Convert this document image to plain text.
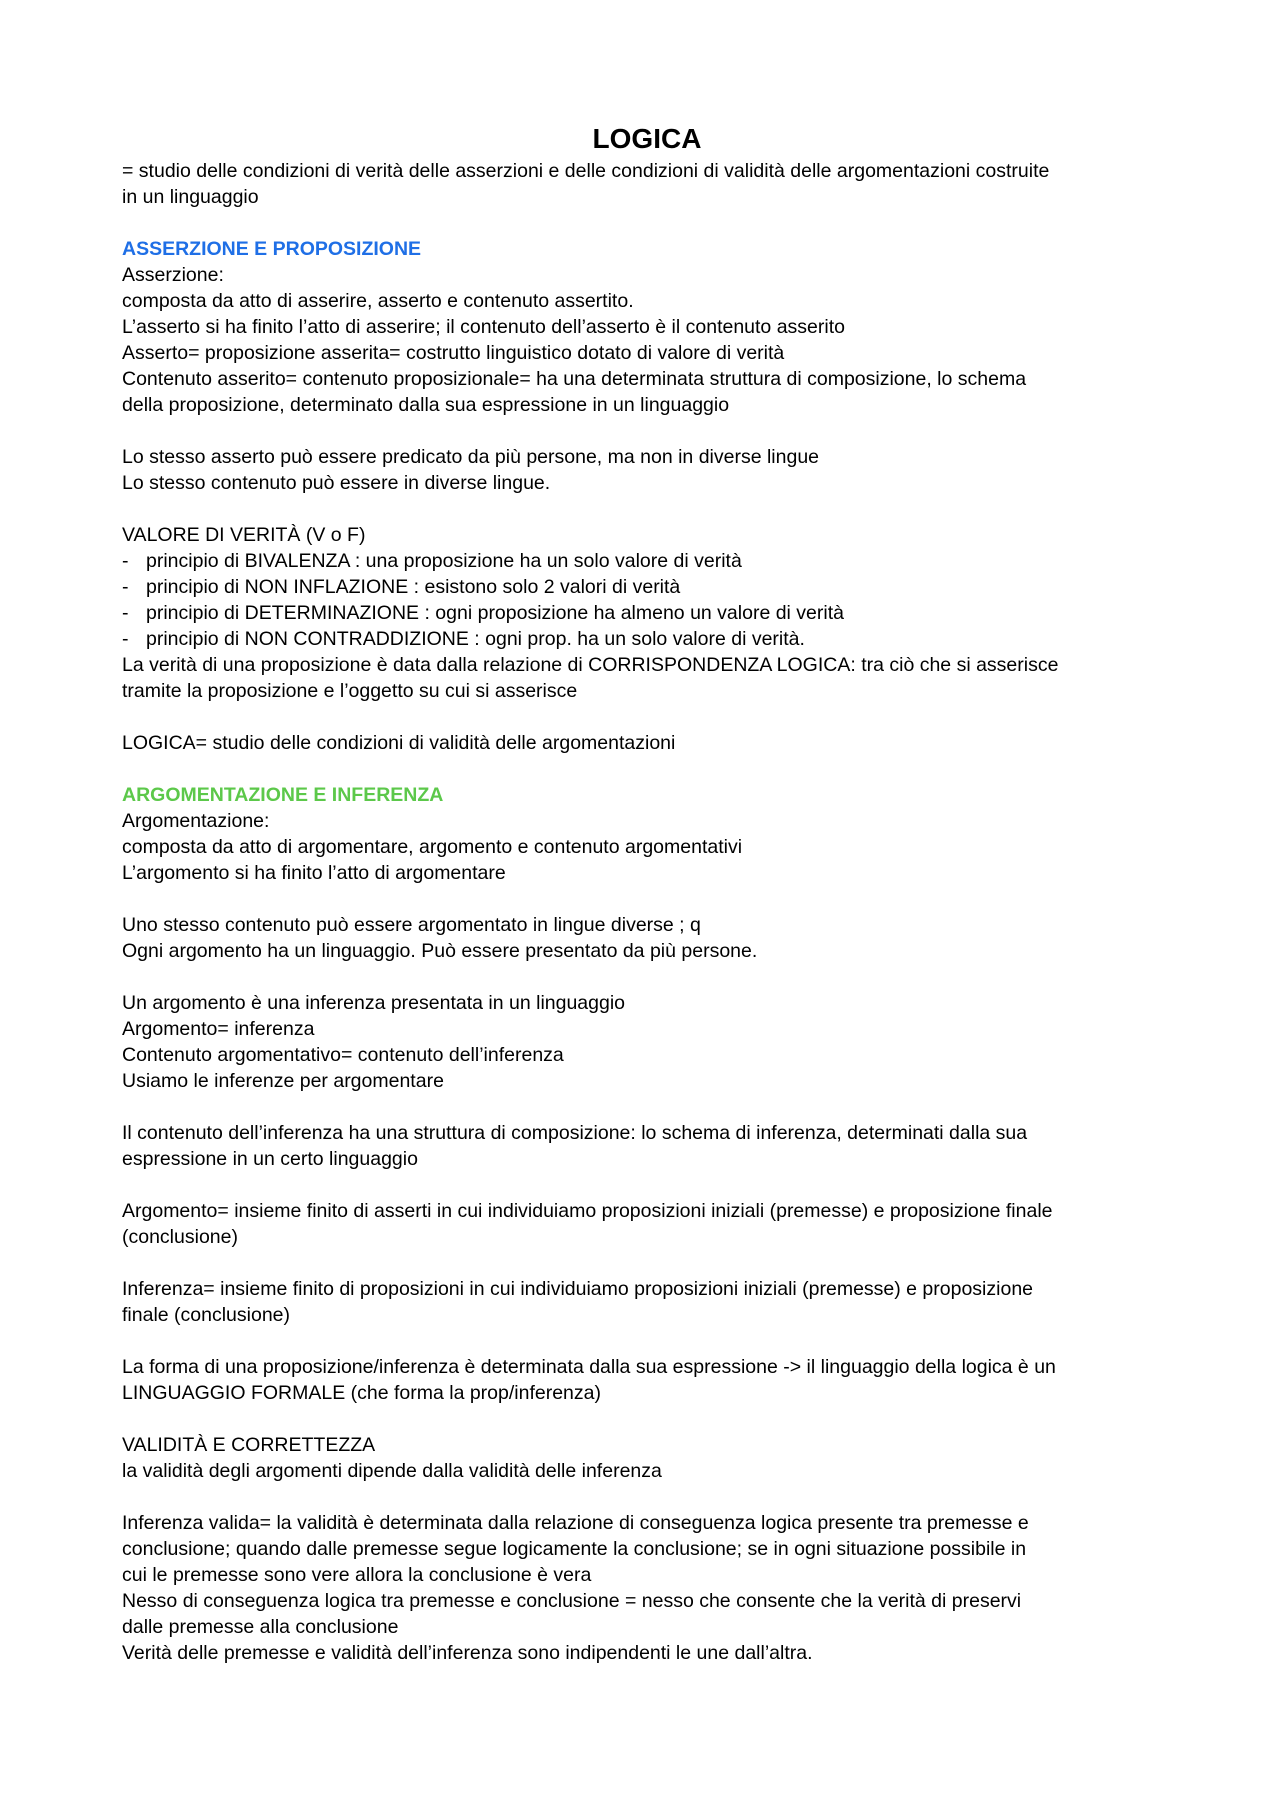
LOGICA

= studio delle condizioni di verità delle asserzioni e delle condizioni di validità delle argomentazioni costruite

in un linguaggio

ASSERZIONE E PROPOSIZIONE

Asserzione:

composta da atto di asserire, asserto e contenuto assertito.

L’asserto si ha finito l’atto di asserire; il contenuto dell’asserto è il contenuto asserito

Asserto= proposizione asserita= costrutto linguistico dotato di valore di verità

Contenuto asserito= contenuto proposizionale= ha una determinata struttura di composizione, lo schema

della proposizione, determinato dalla sua espressione in un linguaggio

Lo stesso asserto può essere predicato da più persone, ma non in diverse lingue

Lo stesso contenuto può essere in diverse lingue.

VALORE DI VERITÀ (V o F)

- principio di BIVALENZA : una proposizione ha un solo valore di verità
- principio di NON INFLAZIONE : esistono solo 2 valori di verità
- principio di DETERMINAZIONE : ogni proposizione ha almeno un valore di verità
- principio di NON CONTRADDIZIONE : ogni prop. ha un solo valore di verità.

La verità di una proposizione è data dalla relazione di CORRISPONDENZA LOGICA: tra ciò che si asserisce

tramite la proposizione e l’oggetto su cui si asserisce

LOGICA= studio delle condizioni di validità delle argomentazioni

ARGOMENTAZIONE E INFERENZA

Argomentazione:

composta da atto di argomentare, argomento e contenuto argomentativi

L’argomento si ha finito l’atto di argomentare

Uno stesso contenuto può essere argomentato in lingue diverse ; q

Ogni argomento ha un linguaggio. Può essere presentato da più persone.

Un argomento è una inferenza presentata in un linguaggio

Argomento= inferenza

Contenuto argomentativo= contenuto dell’inferenza

Usiamo le inferenze per argomentare

Il contenuto dell’inferenza ha una struttura di composizione: lo schema di inferenza, determinati dalla sua

espressione in un certo linguaggio

Argomento= insieme finito di asserti in cui individuiamo proposizioni iniziali (premesse) e proposizione finale

(conclusione)

Inferenza= insieme finito di proposizioni in cui individuiamo proposizioni iniziali (premesse) e proposizione

finale (conclusione)

La forma di una proposizione/inferenza è determinata dalla sua espressione -> il linguaggio della logica è un

LINGUAGGIO FORMALE (che forma la prop/inferenza)

VALIDITÀ E CORRETTEZZA

la validità degli argomenti dipende dalla validità delle inferenza

Inferenza valida= la validità è determinata dalla relazione di conseguenza logica presente tra premesse e

conclusione; quando dalle premesse segue logicamente la conclusione; se in ogni situazione possibile in

cui le premesse sono vere allora la conclusione è vera

Nesso di conseguenza logica tra premesse e conclusione = nesso che consente che la verità di preservi

dalle premesse alla conclusione

Verità delle premesse e validità dell’inferenza sono indipendenti le une dall’altra.
